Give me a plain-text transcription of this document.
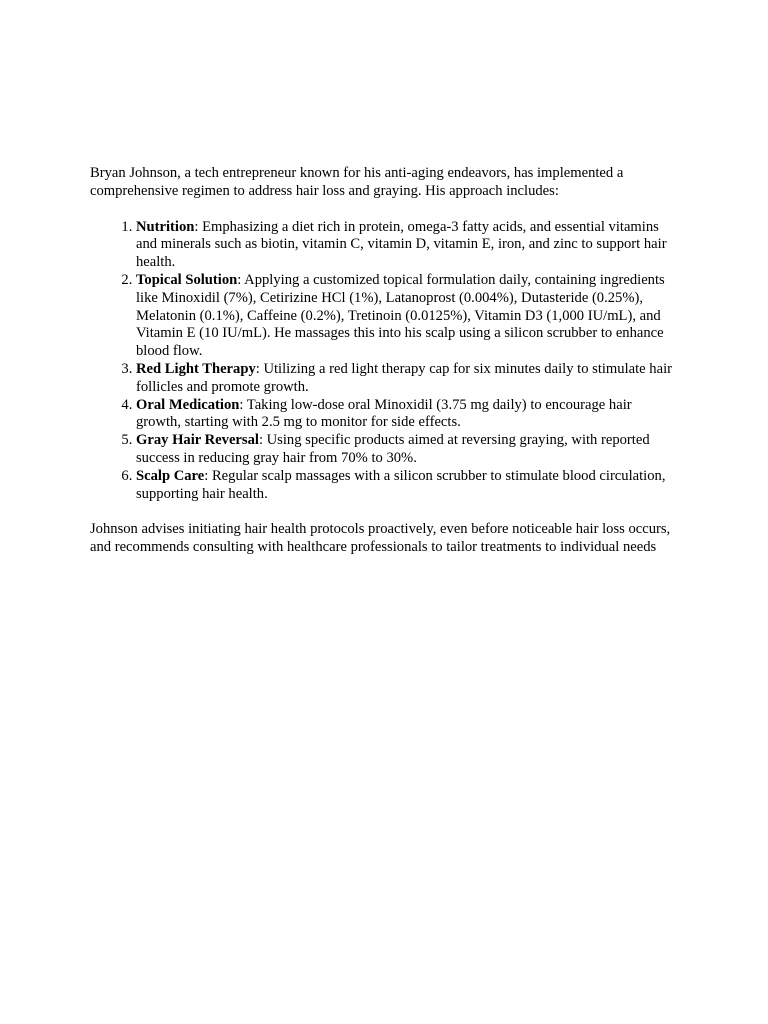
Bryan Johnson, a tech entrepreneur known for his anti-aging endeavors, has implemented a comprehensive regimen to address hair loss and graying. His approach includes:

1. Nutrition: Emphasizing a diet rich in protein, omega-3 fatty acids, and essential vitamins and minerals such as biotin, vitamin C, vitamin D, vitamin E, iron, and zinc to support hair health.
2. Topical Solution: Applying a customized topical formulation daily, containing ingredients like Minoxidil (7%), Cetirizine HCl (1%), Latanoprost (0.004%), Dutasteride (0.25%), Melatonin (0.1%), Caffeine (0.2%), Tretinoin (0.0125%), Vitamin D3 (1,000 IU/mL), and Vitamin E (10 IU/mL). He massages this into his scalp using a silicon scrubber to enhance blood flow.
3. Red Light Therapy: Utilizing a red light therapy cap for six minutes daily to stimulate hair follicles and promote growth.
4. Oral Medication: Taking low-dose oral Minoxidil (3.75 mg daily) to encourage hair growth, starting with 2.5 mg to monitor for side effects.
5. Gray Hair Reversal: Using specific products aimed at reversing graying, with reported success in reducing gray hair from 70% to 30%.
6. Scalp Care: Regular scalp massages with a silicon scrubber to stimulate blood circulation, supporting hair health.

Johnson advises initiating hair health protocols proactively, even before noticeable hair loss occurs, and recommends consulting with healthcare professionals to tailor treatments to individual needs
